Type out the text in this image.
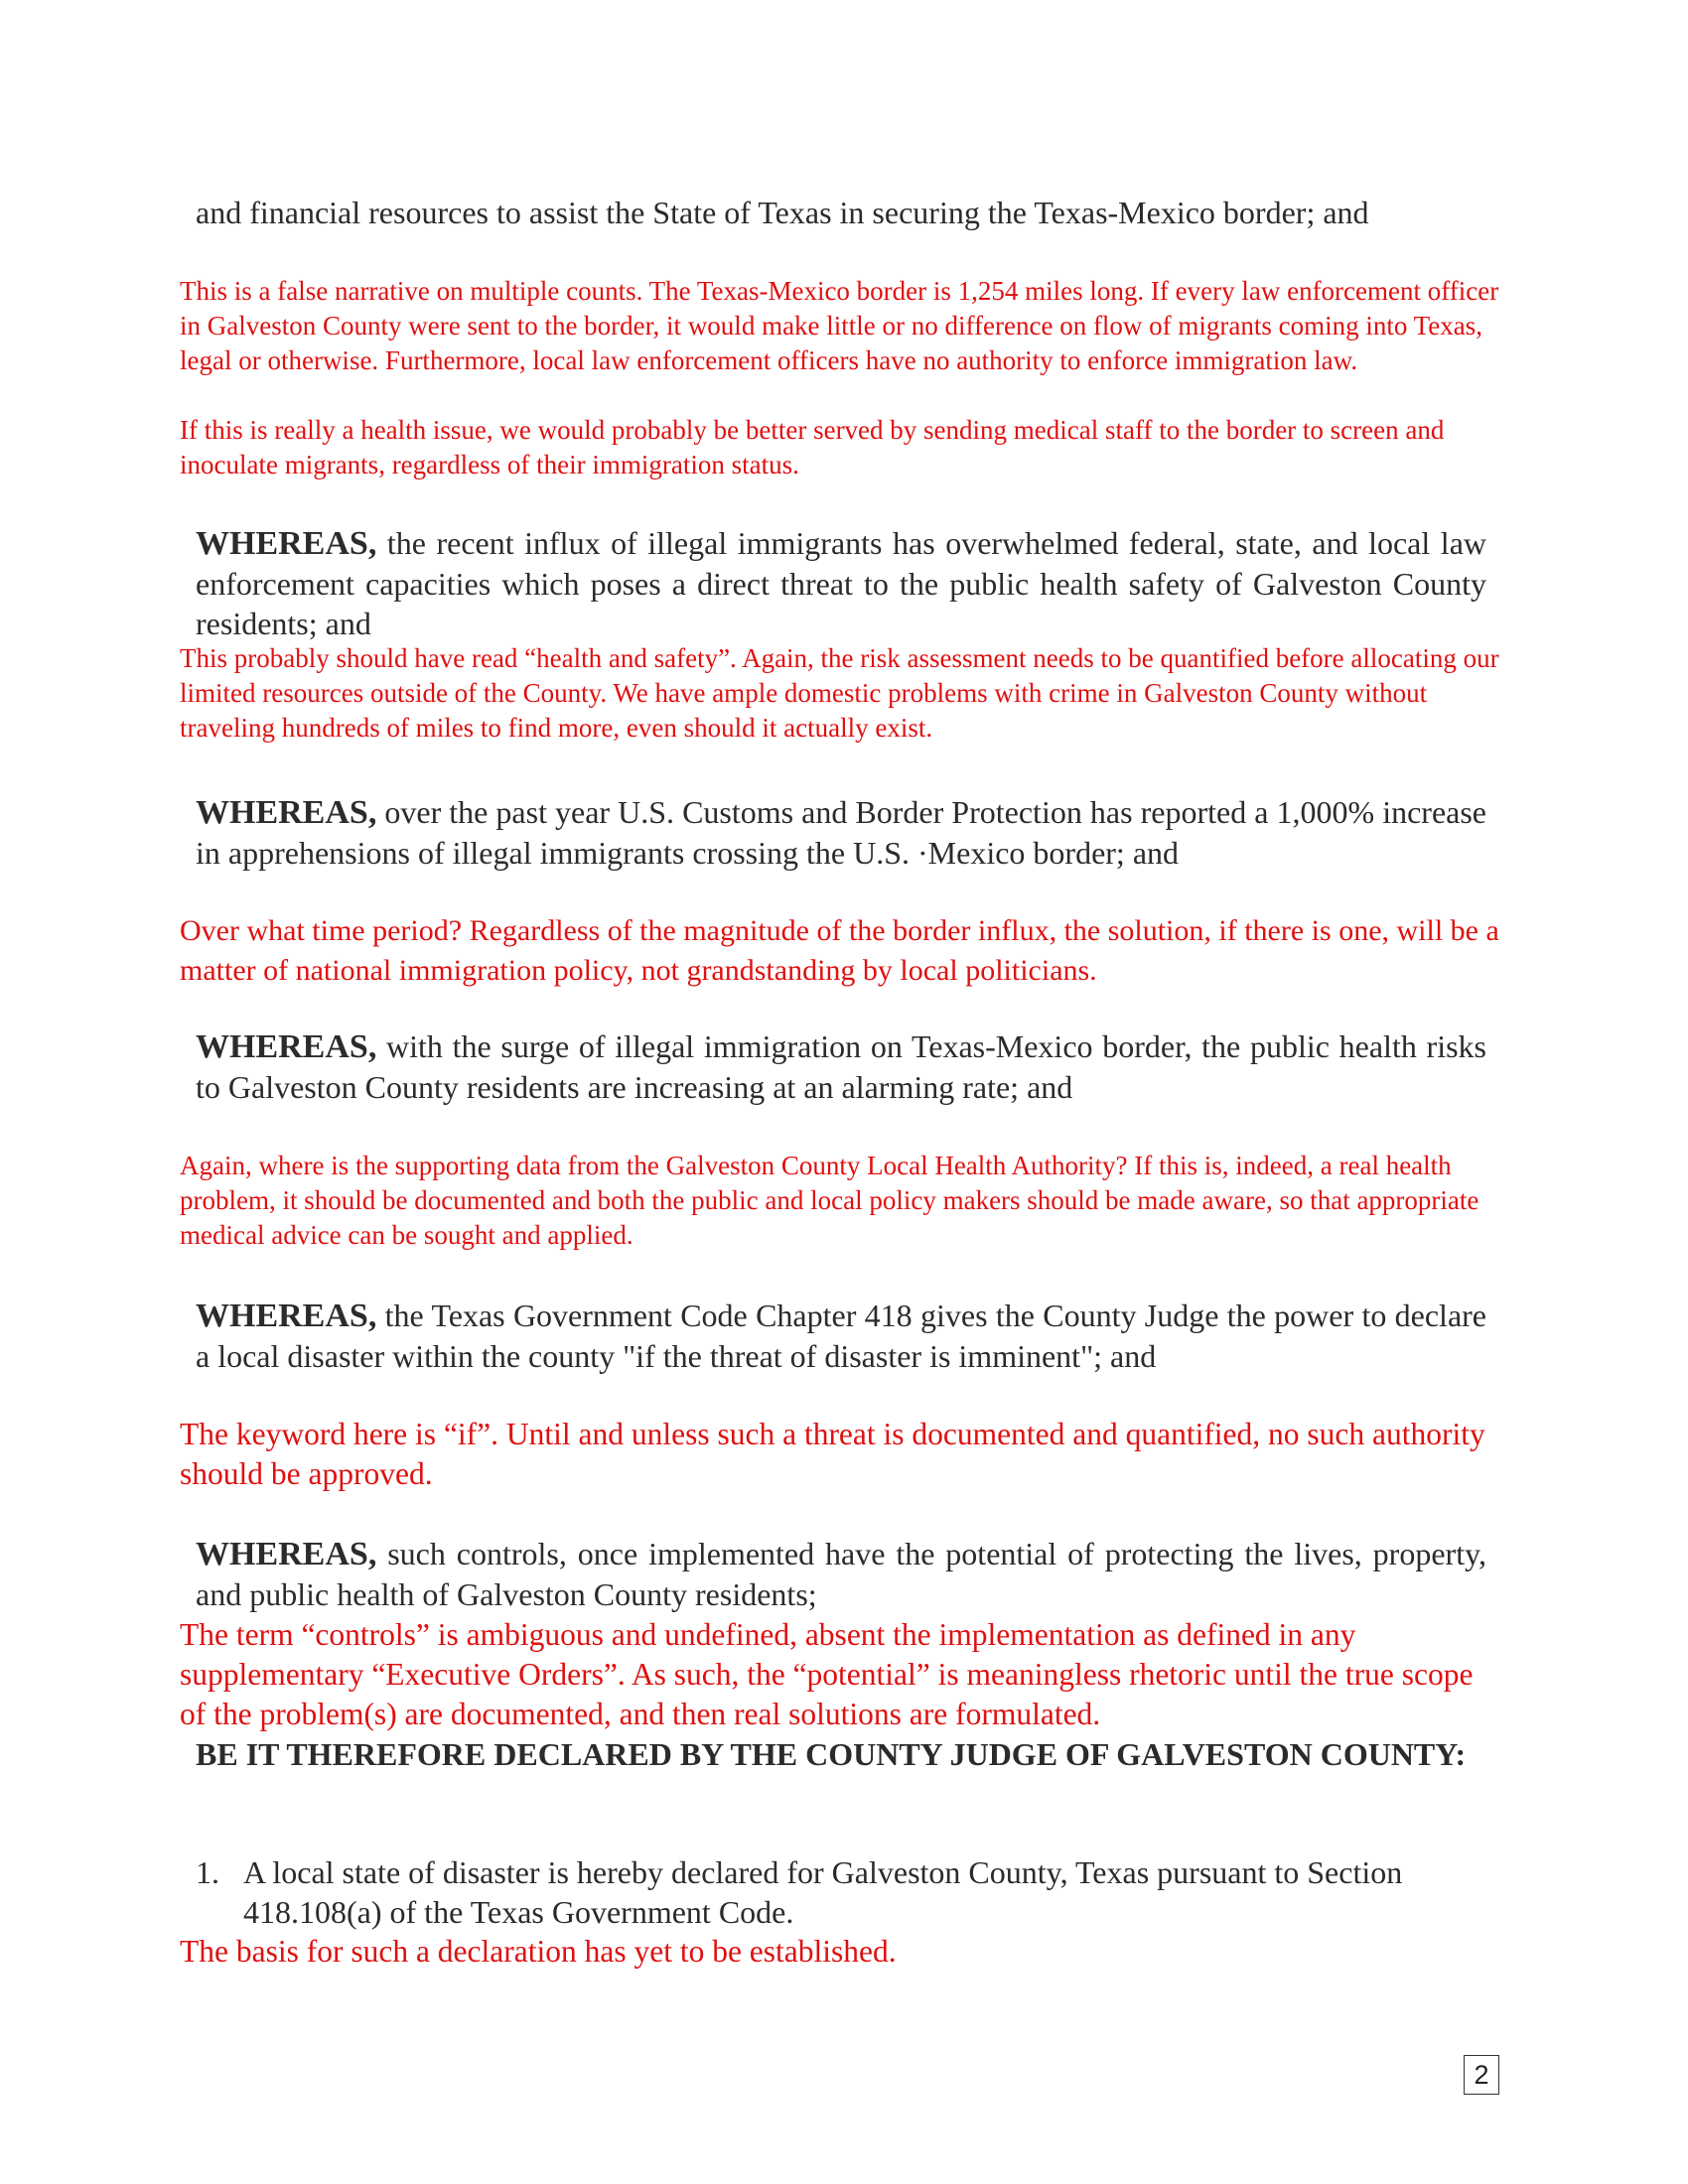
and financial resources to assist the State of Texas in securing the Texas-Mexico border; and

This is a false narrative on multiple counts. The Texas-Mexico border is 1,254 miles long. If every law enforcement officer in Galveston County were sent to the border, it would make little or no difference on flow of migrants coming into Texas, legal or otherwise. Furthermore, local law enforcement officers have no authority to enforce immigration law.

If this is really a health issue, we would probably be better served by sending medical staff to the border to screen and inoculate migrants, regardless of their immigration status.

WHEREAS, the recent influx of illegal immigrants has overwhelmed federal, state, and local law enforcement capacities which poses a direct threat to the public health safety of Galveston County residents; and

This probably should have read “health and safety”. Again, the risk assessment needs to be quantified before allocating our limited resources outside of the County. We have ample domestic problems with crime in Galveston County without traveling hundreds of miles to find more, even should it actually exist.

WHEREAS, over the past year U.S. Customs and Border Protection has reported a 1,000% increase in apprehensions of illegal immigrants crossing the U.S. ·Mexico border; and

Over what time period? Regardless of the magnitude of the border influx, the solution, if there is one, will be a matter of national immigration policy, not grandstanding by local politicians.

WHEREAS, with the surge of illegal immigration on Texas-Mexico border, the public health risks to Galveston County residents are increasing at an alarming rate; and

Again, where is the supporting data from the Galveston County Local Health Authority? If this is, indeed, a real health problem, it should be documented and both the public and local policy makers should be made aware, so that appropriate medical advice can be sought and applied.

WHEREAS, the Texas Government Code Chapter 418 gives the County Judge the power to declare a local disaster within the county "if the threat of disaster is imminent"; and

The keyword here is “if”. Until and unless such a threat is documented and quantified, no such authority should be approved.

WHEREAS, such controls, once implemented have the potential of protecting the lives, property, and public health of Galveston County residents;

The term “controls” is ambiguous and undefined, absent the implementation as defined in any supplementary “Executive Orders”. As such, the “potential” is meaningless rhetoric until the true scope of the problem(s) are documented, and then real solutions are formulated.

BE IT THEREFORE DECLARED BY THE COUNTY JUDGE OF GALVESTON COUNTY:

1. A local state of disaster is hereby declared for Galveston County, Texas pursuant to Section 418.108(a) of the Texas Government Code.

The basis for such a declaration has yet to be established.

2
